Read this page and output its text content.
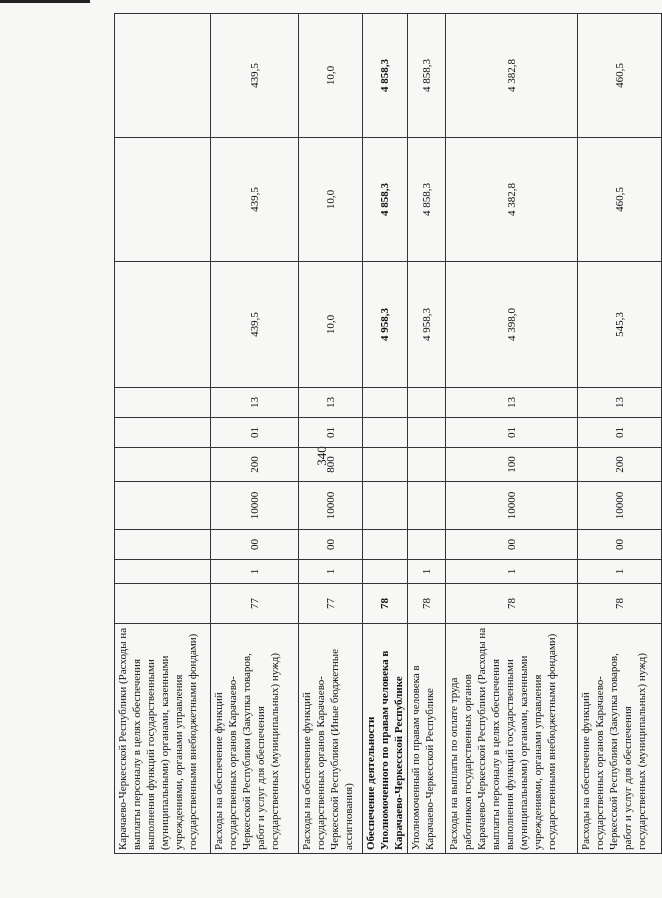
340
Карачаево-Черкесской Республики (Расходы на выплаты персоналу в целях обеспечения выполнения функций государственными (муниципальными) органами, казенными учреждениями, органами управления государственными внебюджетными фондами)										
Расходы на обеспечение функций государственных органов Карачаево-Черкесской Республики (Закупка товаров, работ и услуг для обеспечения государственных (муниципальных) нужд)	77	1	00	10000	200	01	13	439,5	439,5	439,5
Расходы на обеспечение функций государственных органов Карачаево-Черкесской Республики (Иные бюджетные ассигнования)	77	1	00	10000	800	01	13	10,0	10,0	10,0
Обеспечение деятельности Уполномоченного по правам человека в Карачаево-Черкесской Республике	78							4 958,3	4 858,3	4 858,3
Уполномоченный по правам человека в Карачаево-Черкесской Республике	78	1						4 958,3	4 858,3	4 858,3
Расходы на выплаты по оплате труда работников государственных органов Карачаево-Черкесской Республики (Расходы на выплаты персоналу в целях обеспечения выполнения функций государственными (муниципальными) органами, казенными учреждениями, органами управления государственными внебюджетными фондами)	78	1	00	10000	100	01	13	4 398,0	4 382,8	4 382,8
Расходы на обеспечение функций государственных органов Карачаево-Черкесской Республики (Закупка товаров, работ и услуг для обеспечения государственных (муниципальных) нужд)	78	1	00	10000	200	01	13	545,3	460,5	460,5
